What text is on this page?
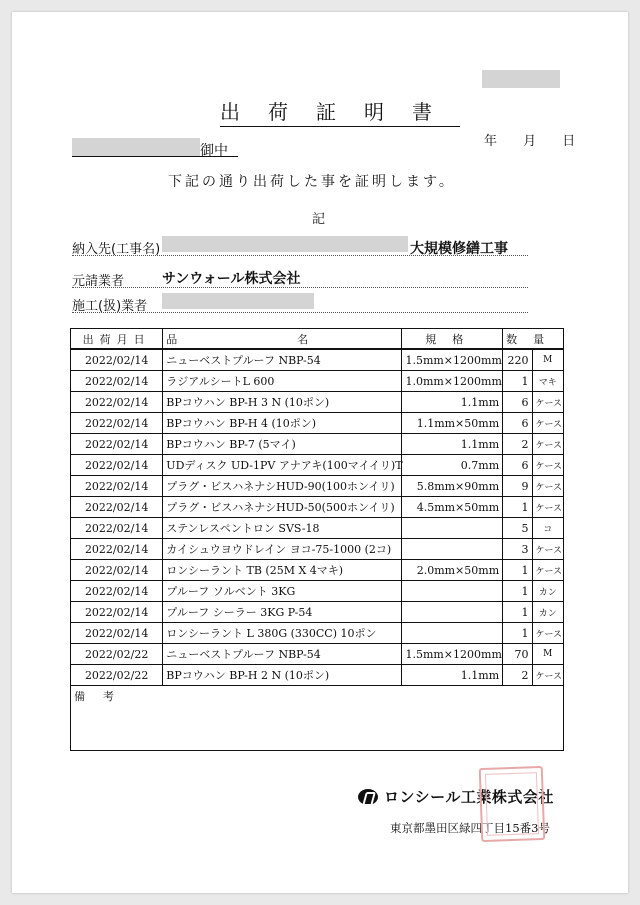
出荷証明書
年 月 日
御中
下記の通り出荷した事を証明します。
記
納入先(工事名)	大規模修繕工事
元請業者	サンウォール株式会社
施工(扱)業者
出荷月日	品名	規格	数量	
2022/02/14	ニューベストプルーフ NBP-54	1.5mm×1200mm	220	M
2022/02/14	ラジアルシートL 600	1.0mm×1200mm	1	マキ
2022/02/14	BPコウハン BP-H 3 N (10ポン)	1.1mm	6	ケース
2022/02/14	BPコウハン BP-H 4 (10ポン)	1.1mm×50mm	6	ケース
2022/02/14	BPコウハン BP-7 (5マイ)	1.1mm	2	ケース
2022/02/14	UDディスク UD-1PV アナアキ(100マイイリ)T	0.7mm	6	ケース
2022/02/14	プラグ・ビスハネナシHUD-90(100ホンイリ)	5.8mm×90mm	9	ケース
2022/02/14	プラグ・ビスハネナシHUD-50(500ホンイリ)	4.5mm×50mm	1	ケース
2022/02/14	ステンレスペントロン SVS-18		5	コ
2022/02/14	カイシュウヨウドレイン ヨコ-75-1000 (2コ)		3	ケース
2022/02/14	ロンシーラント TB (25M X 4マキ)	2.0mm×50mm	1	ケース
2022/02/14	プルーフ ソルベント 3KG		1	カン
2022/02/14	プルーフ シーラー 3KG P-54		1	カン
2022/02/14	ロンシーラント L 380G (330CC) 10ポン		1	ケース
2022/02/22	ニューベストプルーフ NBP-54	1.5mm×1200mm	70	M
2022/02/22	BPコウハン BP-H 2 N (10ポン)	1.1mm	2	ケース
備考				
ロンシール工業株式会社
東京都墨田区緑四丁目15番3号
